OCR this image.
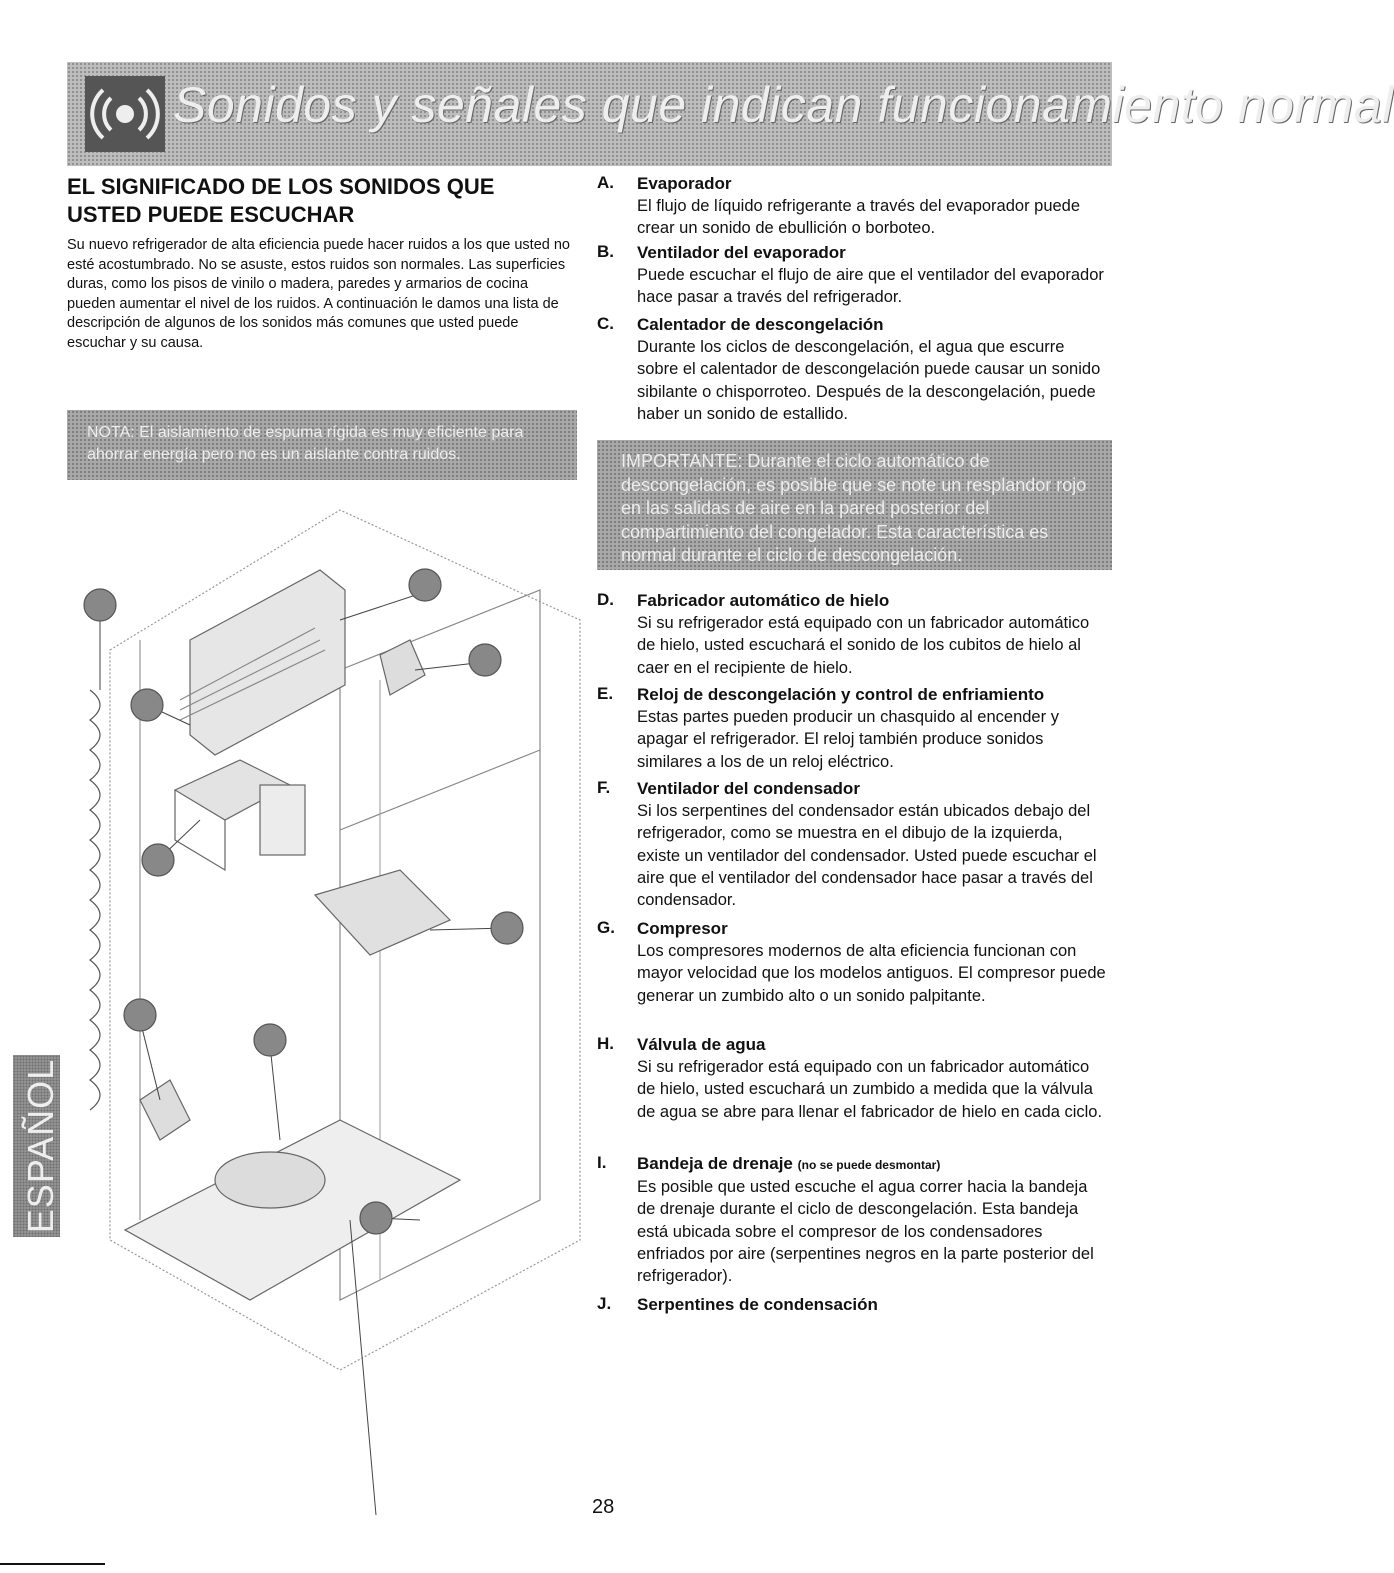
Sonidos y señales que indican funcionamiento normal
EL SIGNIFICADO DE LOS SONIDOS QUE USTED PUEDE ESCUCHAR

Su nuevo refrigerador de alta eficiencia puede hacer ruidos a los que usted no esté acostumbrado. No se asuste, estos ruidos son normales. Las superficies duras, como los pisos de vinilo o madera, paredes y armarios de cocina pueden aumentar el nivel de los ruidos. A continuación le damos una lista de descripción de algunos de los sonidos más comunes que usted puede escuchar y su causa.

NOTA: El aislamiento de espuma rígida es muy eficiente para ahorrar energía pero no es un aislante contra ruidos.	IMPORTANTE: Durante el ciclo automático de descongelación, es posible que se note un resplandor rojo en las salidas de aire en la pared posterior del compartimiento del congelador. Esta característica es normal durante el ciclo de descongelación.
ESPAÑOL
A.	Evaporador
El flujo de líquido refrigerante a través del evaporador puede crear un sonido de ebullición o borboteo.
B.	Ventilador del evaporador
Puede escuchar el flujo de aire que el ventilador del evaporador hace pasar a través del refrigerador.
C.	Calentador de descongelación
Durante los ciclos de descongelación, el agua que escurre sobre el calentador de descongelación puede causar un sonido sibilante o chisporroteo. Después de la descongelación, puede haber un sonido de estallido.
D.	Fabricador automático de hielo
Si su refrigerador está equipado con un fabricador automático de hielo, usted escuchará el sonido de los cubitos de hielo al caer en el recipiente de hielo.
E.	Reloj de descongelación y control de enfriamiento
Estas partes pueden producir un chasquido al encender y apagar el refrigerador. El reloj también produce sonidos similares a los de un reloj eléctrico.
F.	Ventilador del condensador
Si los serpentines del condensador están ubicados debajo del refrigerador, como se muestra en el dibujo de la izquierda, existe un ventilador del condensador. Usted puede escuchar el aire que el ventilador del condensador hace pasar a través del condensador.
G.	Compresor
Los compresores modernos de alta eficiencia funcionan con mayor velocidad que los modelos antiguos. El compresor puede generar un zumbido alto o un sonido palpitante.
H.	Válvula de agua
Si su refrigerador está equipado con un fabricador automático de hielo, usted escuchará un zumbido a medida que la válvula de agua se abre para llenar el fabricador de hielo en cada ciclo.
I.	Bandeja de drenaje (no se puede desmontar)
Es posible que usted escuche el agua correr hacia la bandeja de drenaje durante el ciclo de descongelación. Esta bandeja está ubicada sobre el compresor de los condensadores enfriados por aire (serpentines negros en la parte posterior del refrigerador).
J.	Serpentines de condensación
28
